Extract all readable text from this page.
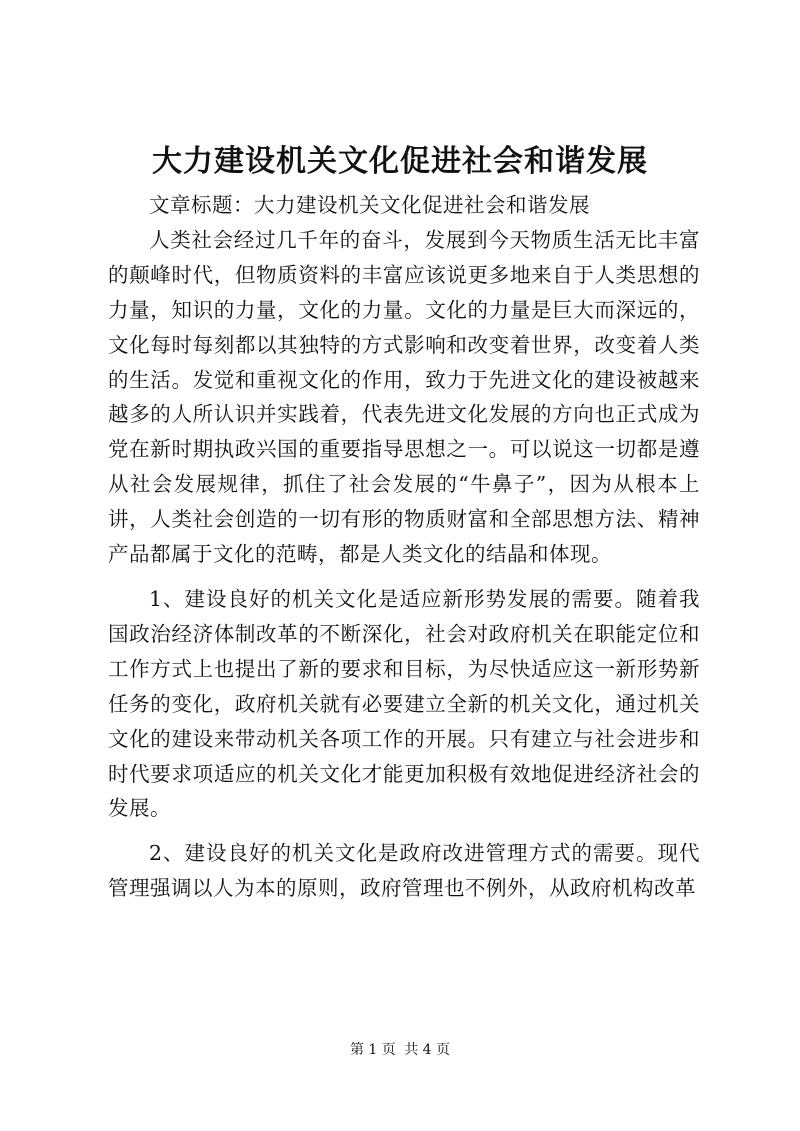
大力建设机关文化促进社会和谐发展

文章标题：大力建设机关文化促进社会和谐发展

人类社会经过几千年的奋斗，发展到今天物质生活无比丰富的颠峰时代，但物质资料的丰富应该说更多地来自于人类思想的力量，知识的力量，文化的力量。文化的力量是巨大而深远的，文化每时每刻都以其独特的方式影响和改变着世界，改变着人类的生活。发觉和重视文化的作用，致力于先进文化的建设被越来越多的人所认识并实践着，代表先进文化发展的方向也正式成为党在新时期执政兴国的重要指导思想之一。可以说这一切都是遵从社会发展规律，抓住了社会发展的“牛鼻子”，因为从根本上讲，人类社会创造的一切有形的物质财富和全部思想方法、精神产品都属于文化的范畴，都是人类文化的结晶和体现。

1、建设良好的机关文化是适应新形势发展的需要。随着我国政治经济体制改革的不断深化，社会对政府机关在职能定位和工作方式上也提出了新的要求和目标，为尽快适应这一新形势新任务的变化，政府机关就有必要建立全新的机关文化，通过机关文化的建设来带动机关各项工作的开展。只有建立与社会进步和时代要求项适应的机关文化才能更加积极有效地促进经济社会的发展。

2、建设良好的机关文化是政府改进管理方式的需要。现代管理强调以人为本的原则，政府管理也不例外，从政府机构改革

第 1 页 共 4 页
